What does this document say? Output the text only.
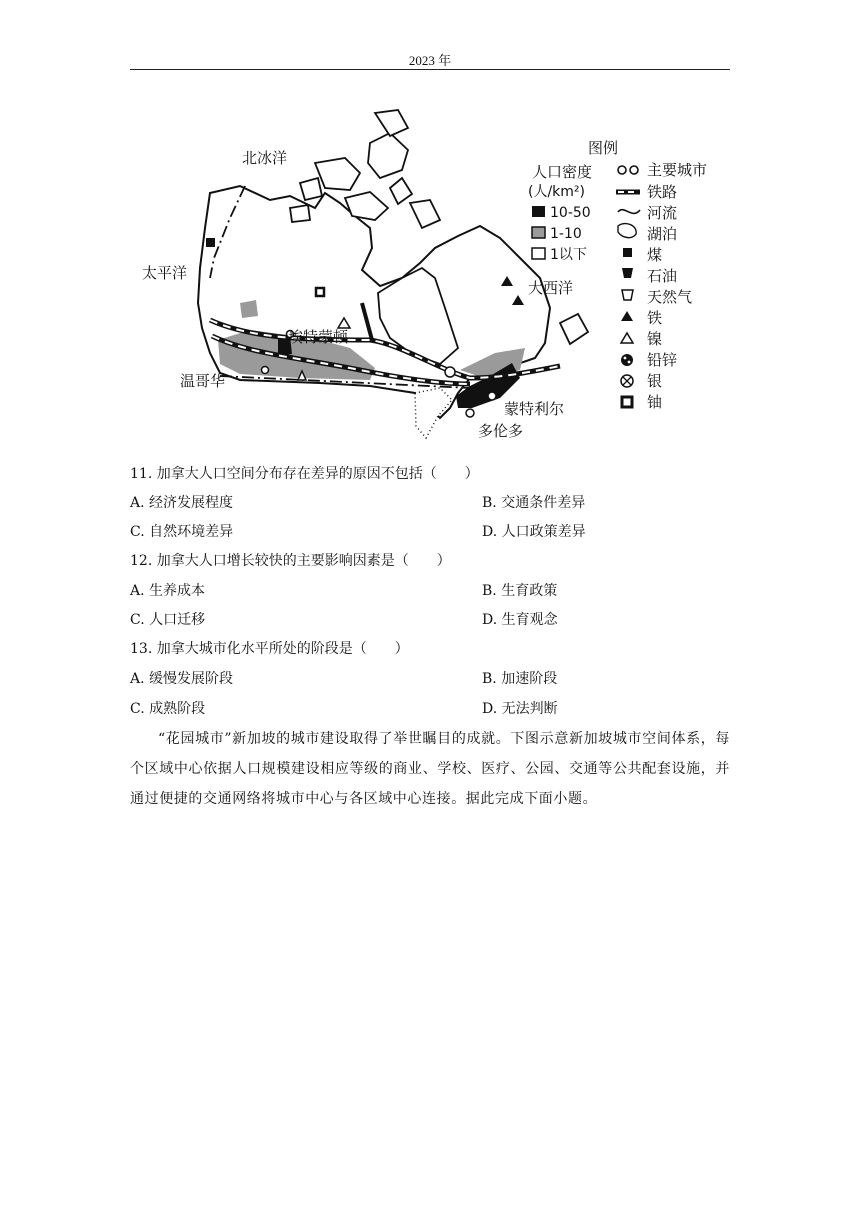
2023 年
北冰洋
太平洋
大西洋
埃特蒙顿
温哥华
蒙特利尔
多伦多
图例
人口密度
(人/km²)
10-50
1-10
1以下
主要城市
铁路
河流
湖泊
煤
石油
天然气
铁
镍
铅锌
银
铀
11. 加拿大人口空间分布存在差异的原因不包括（　　）
A. 经济发展程度	B. 交通条件差异
C. 自然环境差异	D. 人口政策差异
12. 加拿大人口增长较快的主要影响因素是（　　）
A. 生养成本	B. 生育政策
C. 人口迁移	D. 生育观念
13. 加拿大城市化水平所处的阶段是（　　）
A. 缓慢发展阶段	B. 加速阶段
C. 成熟阶段	D. 无法判断
“花园城市”新加坡的城市建设取得了举世瞩目的成就。下图示意新加坡城市空间体系，每个区域中心依据人口规模建设相应等级的商业、学校、医疗、公园、交通等公共配套设施，并通过便捷的交通网络将城市中心与各区域中心连接。据此完成下面小题。
